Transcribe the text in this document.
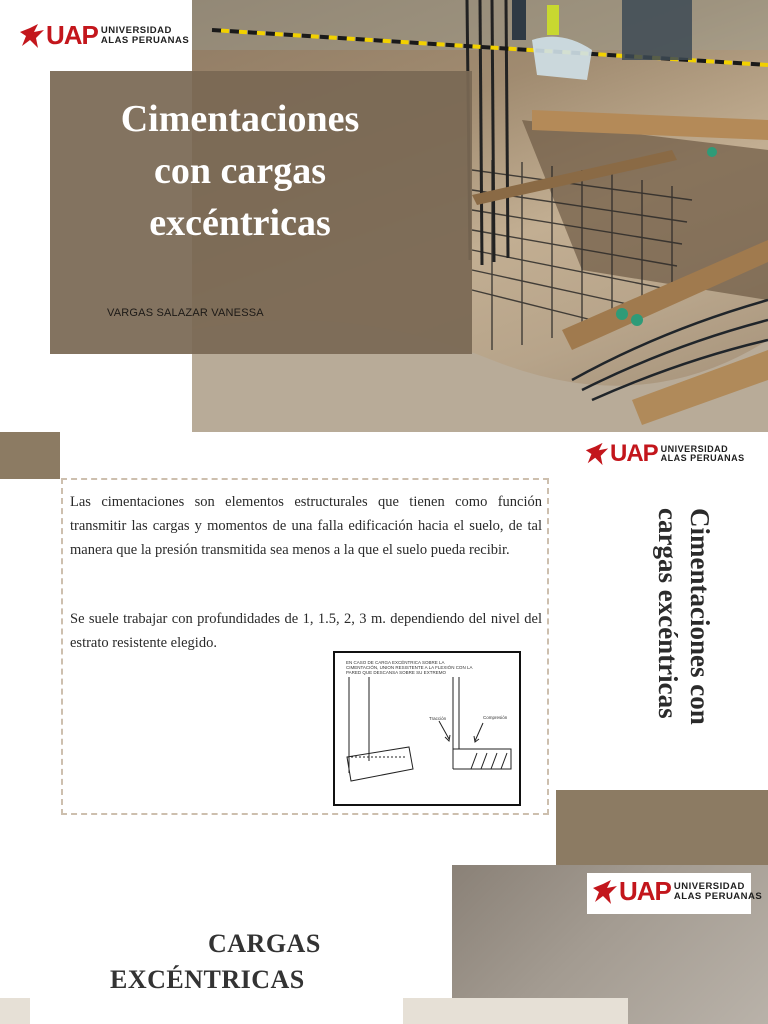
UAP UNIVERSIDAD
ALAS PERUANAS
Cimentaciones
con cargas
excéntricas
VARGAS SALAZAR VANESSA
UAP UNIVERSIDAD
ALAS PERUANAS

Las cimentaciones son elementos estructurales que tienen como función transmitir las cargas y momentos de una falla edificación hacia el suelo, de tal manera que la presión transmitida sea menos a la que el suelo pueda recibir.

Se suele trabajar con profundidades de 1, 1.5, 2, 3 m. dependiendo del nivel del estrato resistente elegido.

EN CASO DE CARGA EXCÉNTRICA SOBRE LA CIMENTACIÓN, UNION RESISTENTE A LA FLEXIÓN CON LA PARED QUE DESCANSA SOBRE SU EXTREMO

Tracción	Compresión	Cimentaciones con
cargas excéntricas
UAP UNIVERSIDAD
ALAS PERUANAS
CARGAS
EXCÉNTRICAS
